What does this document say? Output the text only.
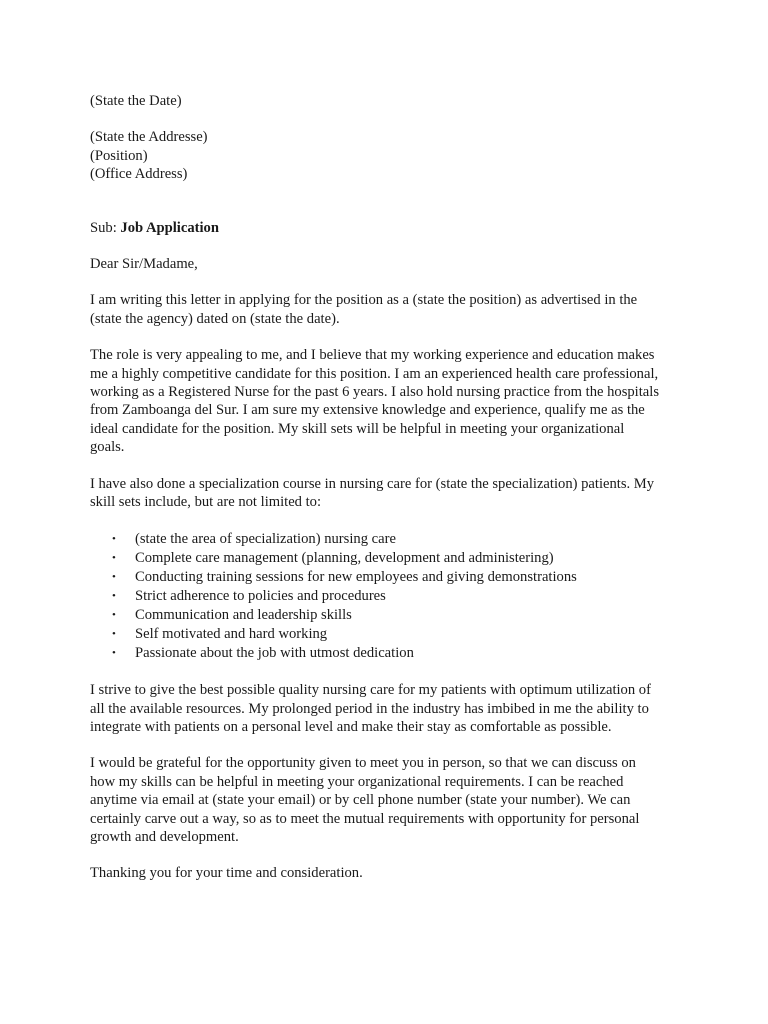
(State the Date)
(State the Addresse)
(Position)
(Office Address)
Sub: Job Application
Dear Sir/Madame,
I am writing this letter in applying for the position as a (state the position) as advertised in the
(state the agency) dated on (state the date).
The role is very appealing to me, and I believe that my working experience and education makes
me a highly competitive candidate for this position. I am an experienced health care professional,
working as a Registered Nurse for the past 6 years. I also hold nursing practice from the hospitals
from Zamboanga del Sur. I am sure my extensive knowledge and experience, qualify me as the
ideal candidate for the position. My skill sets will be helpful in meeting your organizational
goals.
I have also done a specialization course in nursing care for (state the specialization) patients. My
skill sets include, but are not limited to:
• (state the area of specialization) nursing care
• Complete care management (planning, development and administering)
• Conducting training sessions for new employees and giving demonstrations
• Strict adherence to policies and procedures
• Communication and leadership skills
• Self motivated and hard working
• Passionate about the job with utmost dedication
I strive to give the best possible quality nursing care for my patients with optimum utilization of
all the available resources. My prolonged period in the industry has imbibed in me the ability to
integrate with patients on a personal level and make their stay as comfortable as possible.
I would be grateful for the opportunity given to meet you in person, so that we can discuss on
how my skills can be helpful in meeting your organizational requirements. I can be reached
anytime via email at (state your email) or by cell phone number (state your number). We can
certainly carve out a way, so as to meet the mutual requirements with opportunity for personal
growth and development.
Thanking you for your time and consideration.
